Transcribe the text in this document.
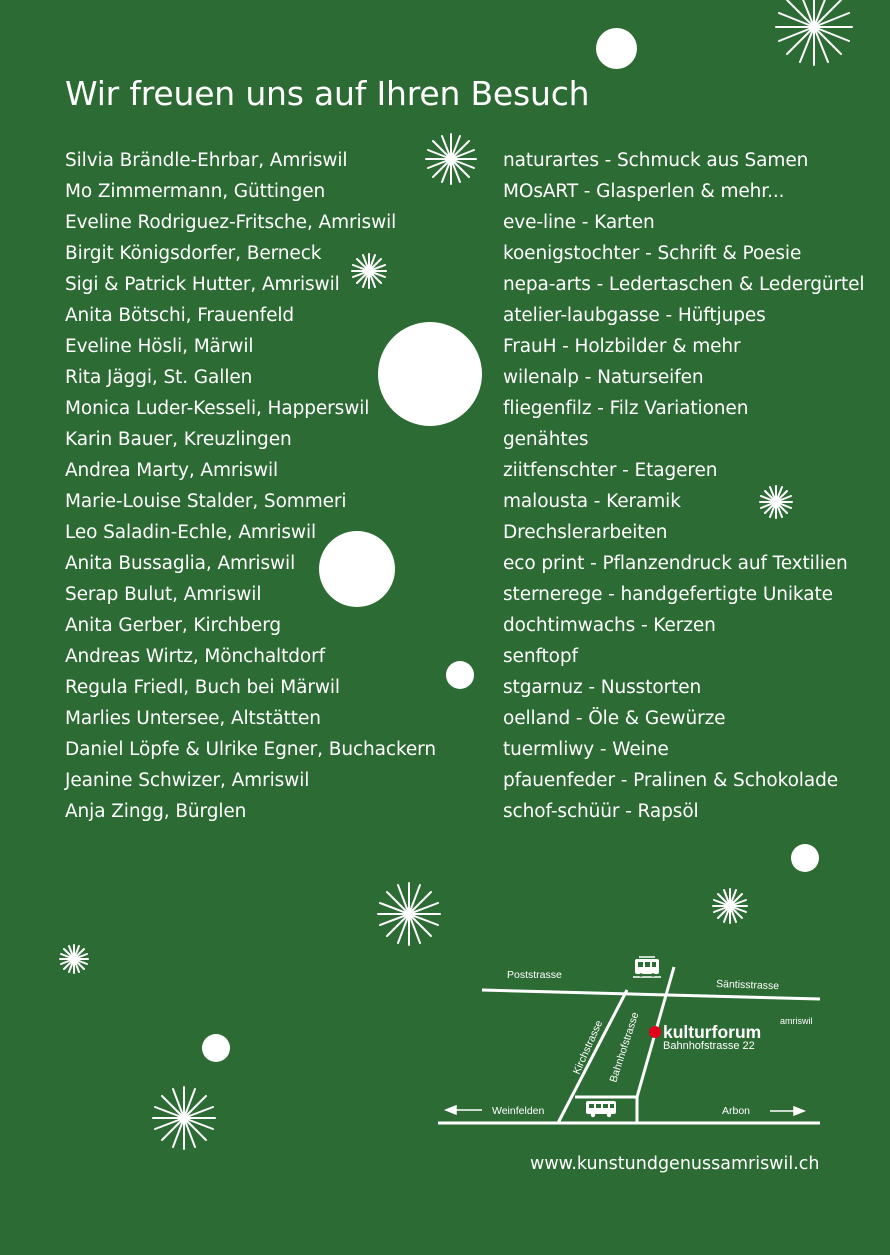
Wir freuen uns auf Ihren Besuch
Silvia Brändle-Ehrbar, Amriswil
Mo Zimmermann, Güttingen
Eveline Rodriguez-Fritsche, Amriswil
Birgit Königsdorfer, Berneck
Sigi & Patrick Hutter, Amriswil
Anita Bötschi, Frauenfeld
Eveline Hösli, Märwil
Rita Jäggi, St. Gallen
Monica Luder-Kesseli, Happerswil
Karin Bauer, Kreuzlingen
Andrea Marty, Amriswil
Marie-Louise Stalder, Sommeri
Leo Saladin-Echle, Amriswil
Anita Bussaglia, Amriswil
Serap Bulut, Amriswil
Anita Gerber, Kirchberg
Andreas Wirtz, Mönchaltdorf
Regula Friedl, Buch bei Märwil
Marlies Untersee, Altstätten
Daniel Löpfe & Ulrike Egner, Buchackern
Jeanine Schwizer, Amriswil
Anja Zingg, Bürglen
naturartes - Schmuck aus Samen
MOsART - Glasperlen & mehr...
eve-line - Karten
koenigstochter - Schrift & Poesie
nepa-arts - Ledertaschen & Ledergürtel
atelier-laubgasse - Hüftjupes
FrauH - Holzbilder & mehr
wilenalp - Naturseifen
fliegenfilz - Filz Variationen
genähtes
ziitfenschter - Etageren
malousta - Keramik
Drechslerarbeiten
eco print - Pflanzendruck auf Textilien
sternerege - handgefertigte Unikate
dochtimwachs - Kerzen
senftopf
stgarnuz - Nusstorten
oelland - Öle & Gewürze
tuermliwy - Weine
pfauenfeder - Pralinen & Schokolade
schof-schüür - Rapsöl
Poststrasse
Säntisstrasse
Kirchstrasse Bahnhofstrasse
Weinfelden	Arbon
kulturforum
amriswil
Bahnhofstrasse 22
www.kunstundgenussamriswil.ch
